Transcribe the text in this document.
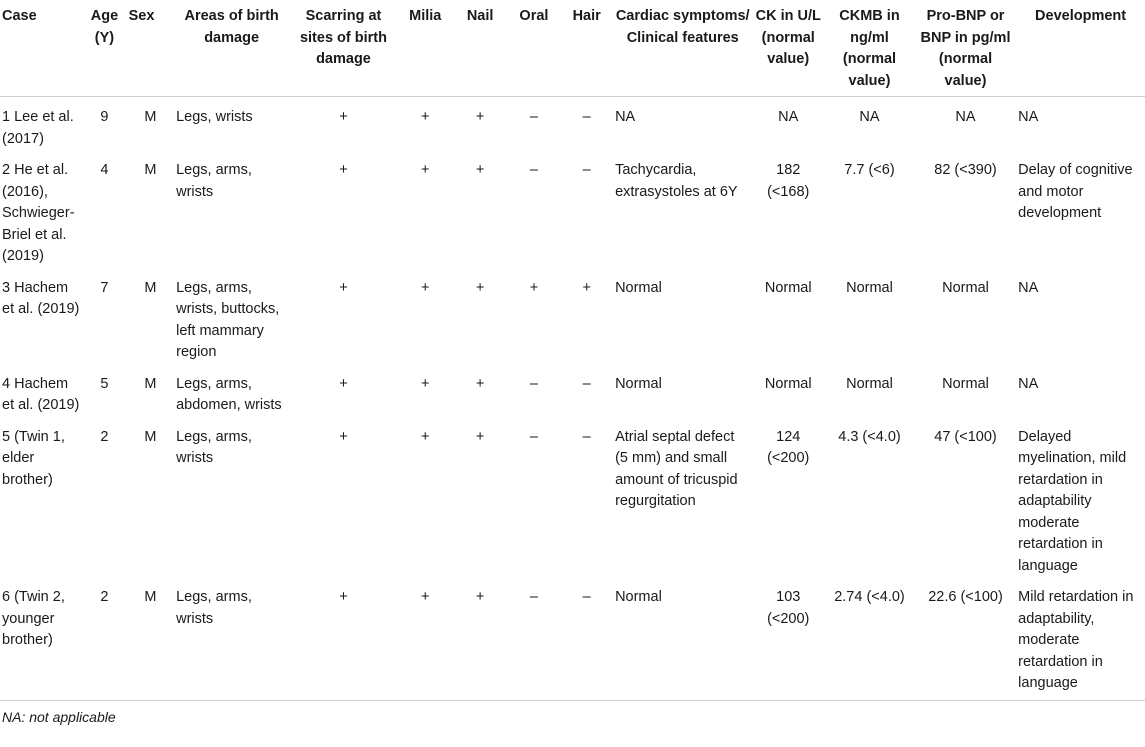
Case	Age (Y)	Sex	Areas of birth damage	Scarring at sites of birth damage	Milia	Nail	Oral	Hair	Cardiac symptoms/ Clinical features	CK in U/L (normal value)	CKMB in ng/ml (normal value)	Pro-BNP or BNP in pg/ml (normal value)	Development
1 Lee et al. (2017)	9	M	Legs, wrists	+	+	+	–	–	NA	NA	NA	NA	NA
2 He et al. (2016), Schwieger-Briel et al. (2019)	4	M	Legs, arms, wrists	+	+	+	–	–	Tachycardia, extrasystoles at 6Y	182 (<168)	7.7 (<6)	82 (<390)	Delay of cognitive and motor development
3 Hachem et al. (2019)	7	M	Legs, arms, wrists, buttocks, left mammary region	+	+	+	+	+	Normal	Normal	Normal	Normal	NA
4 Hachem et al. (2019)	5	M	Legs, arms, abdomen, wrists	+	+	+	–	–	Normal	Normal	Normal	Normal	NA
5 (Twin 1, elder brother)	2	M	Legs, arms, wrists	+	+	+	–	–	Atrial septal defect (5 mm) and small amount of tricuspid regurgitation	124 (<200)	4.3 (<4.0)	47 (<100)	Delayed myelination, mild retardation in adaptability moderate retardation in language
6 (Twin 2, younger brother)	2	M	Legs, arms, wrists	+	+	+	–	–	Normal	103 (<200)	2.74 (<4.0)	22.6 (<100)	Mild retardation in adaptability, moderate retardation in language
NA: not applicable
